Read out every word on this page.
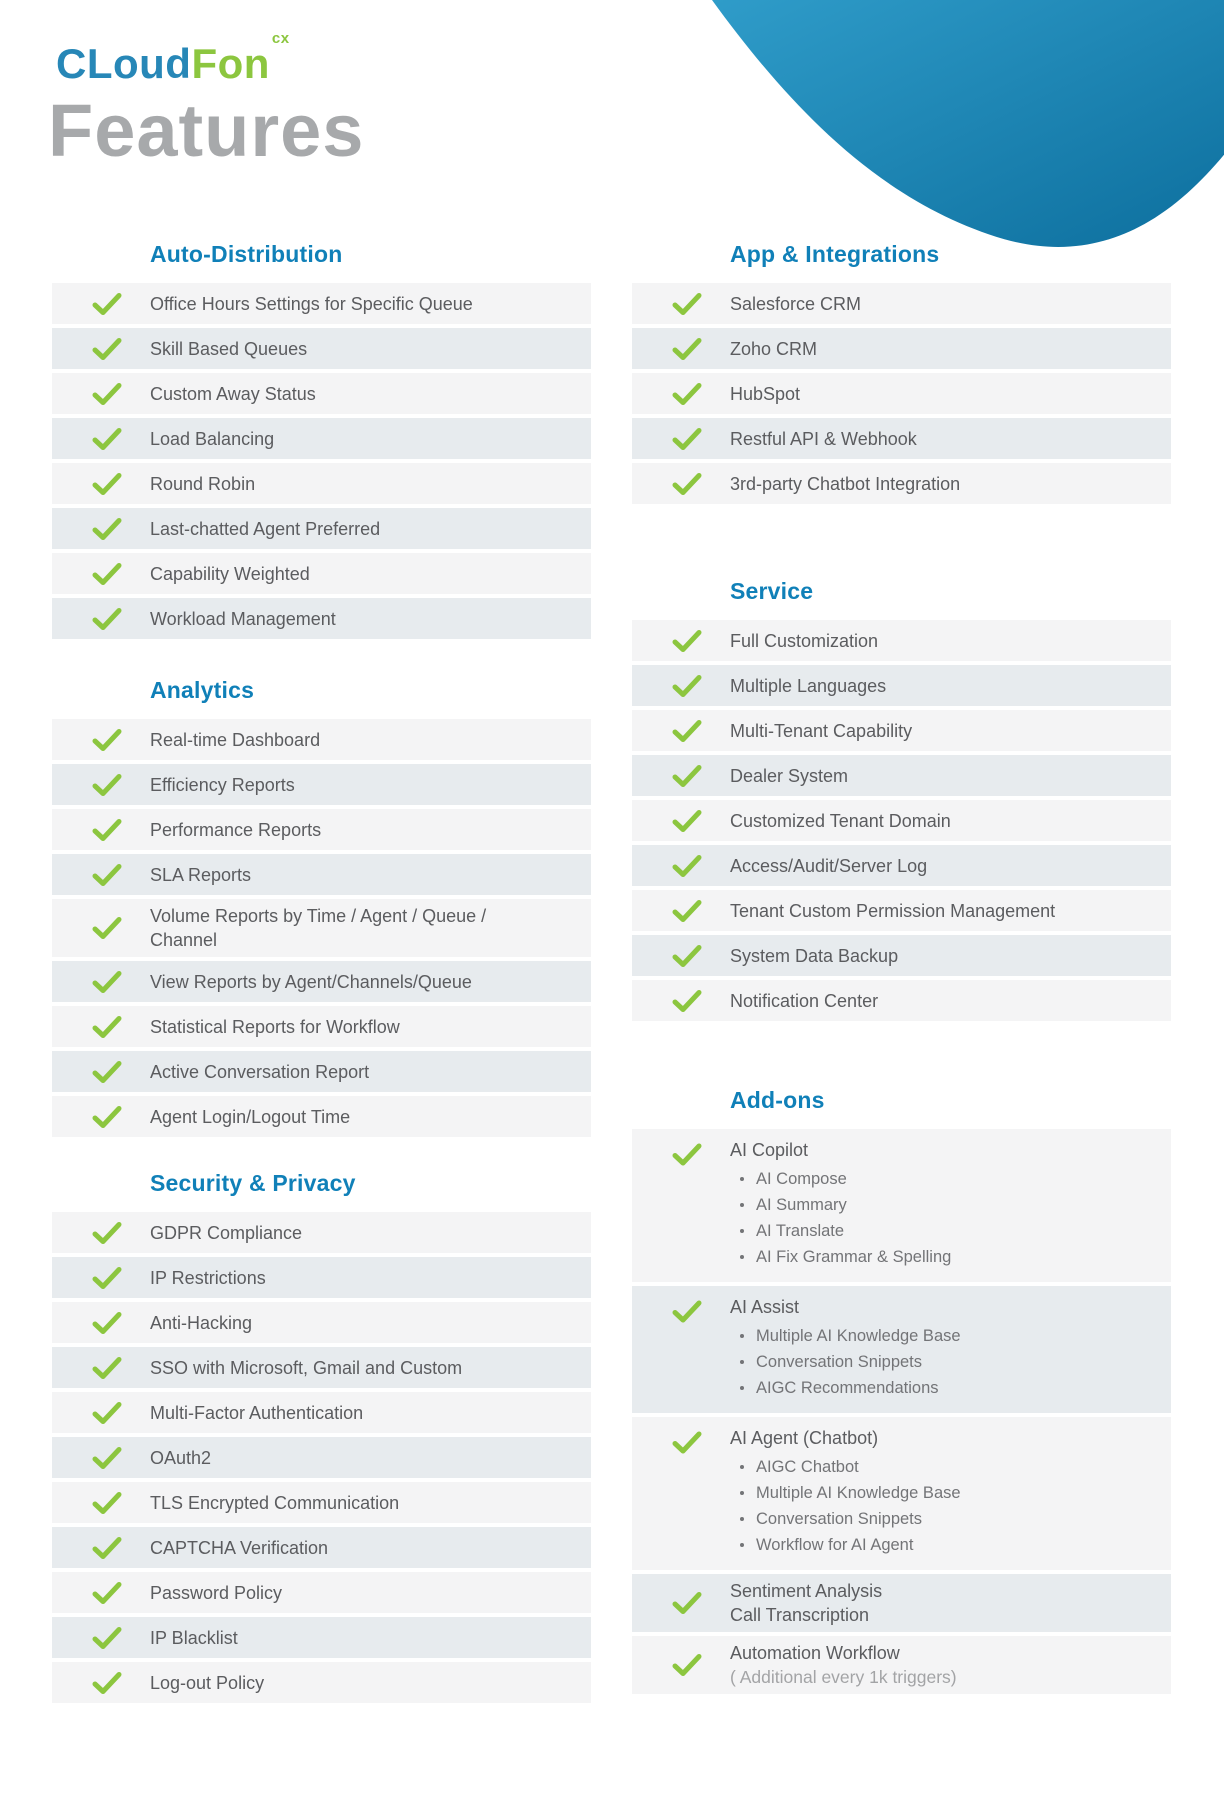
CLoudFon$^{cx}$
Features
Auto-Distribution
Office Hours Settings for Specific Queue
Skill Based Queues
Custom Away Status
Load Balancing
Round Robin
Last-chatted Agent Preferred
Capability Weighted
Workload Management
Analytics
Real-time Dashboard
Efficiency Reports
Performance Reports
SLA Reports
Volume Reports by Time / Agent / Queue /
Channel
View Reports by Agent/Channels/Queue
Statistical Reports for Workflow
Active Conversation Report
Agent Login/Logout Time
Security & Privacy
GDPR Compliance
IP Restrictions
Anti-Hacking
SSO with Microsoft, Gmail and Custom
Multi-Factor Authentication
OAuth2
TLS Encrypted Communication
CAPTCHA Verification
Password Policy
IP Blacklist
Log-out Policy
App & Integrations
Salesforce CRM
Zoho CRM
HubSpot
Restful API & Webhook
3rd-party Chatbot Integration
Service
Full Customization
Multiple Languages
Multi-Tenant Capability
Dealer System
Customized Tenant Domain
Access/Audit/Server Log
Tenant Custom Permission Management
System Data Backup
Notification Center
Add-ons
AI Copilot
AI Compose
AI Summary
AI Translate
AI Fix Grammar & Spelling
AI Assist
Multiple AI Knowledge Base
Conversation Snippets
AIGC Recommendations
AI Agent (Chatbot)
AIGC Chatbot
Multiple AI Knowledge Base
Conversation Snippets
Workflow for AI Agent
Sentiment Analysis
Call Transcription
Automation Workflow
( Additional every 1k triggers)
